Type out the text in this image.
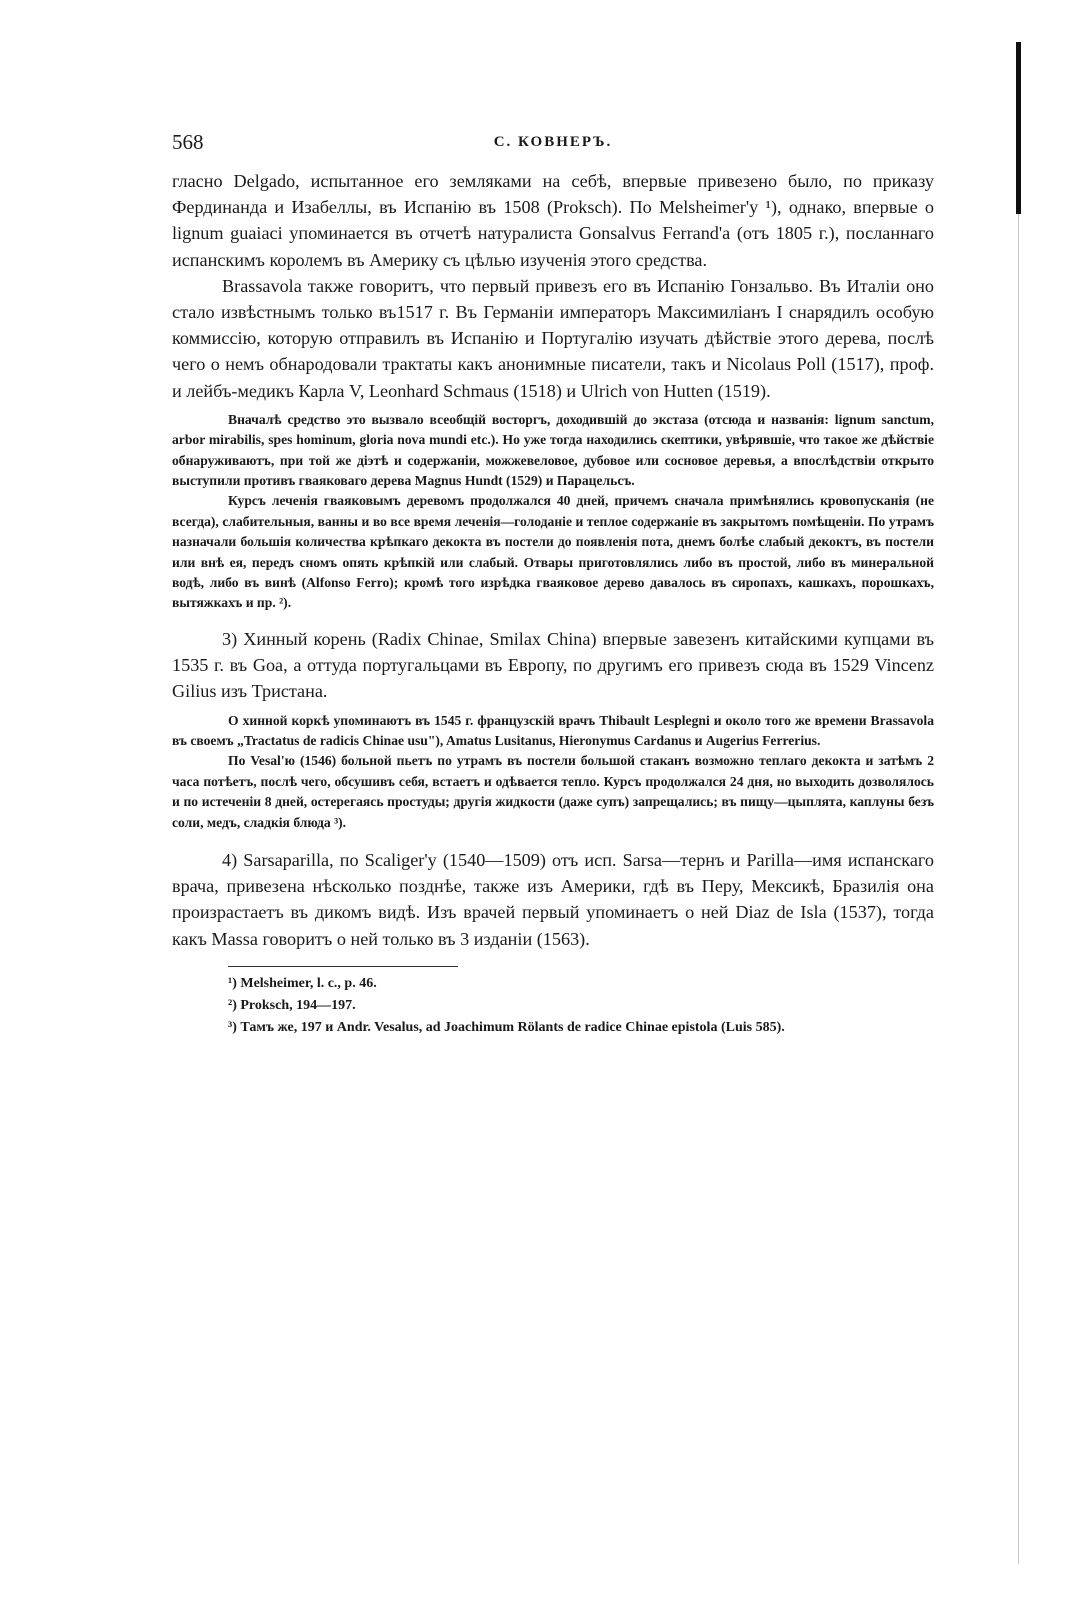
568	С. КОВНЕРЪ.

гласно Delgado, испытанное его земляками на себѣ, впервые привезено было, по приказу Фердинанда и Изабеллы, въ Испанію въ 1508 (Proksch). По Melsheimer'у ¹), однако, впервые о lignum guaiaci упоминается въ отчетѣ натуралиста Gonsalvus Ferrand'a (отъ 1805 г.), посланнаго испанскимъ королемъ въ Америку съ цѣлью изученія этого средства.

Brassavola также говоритъ, что первый привезъ его въ Испанію Гонзальво. Въ Италіи оно стало извѣстнымъ только въ1517 г. Въ Германіи императоръ Максимиліанъ I снарядилъ особую коммиссію, которую отправилъ въ Испанію и Португалію изучать дѣйствіе этого дерева, послѣ чего о немъ обнародовали трактаты какъ анонимные писатели, такъ и Nicolaus Poll (1517), проф. и лейбъ-медикъ Карла V, Leonhard Schmaus (1518) и Ulrich von Hutten (1519).

Вначалѣ средство это вызвало всеобщій восторгъ, доходившій до экстаза (отсюда и названія: lignum sanctum, arbor mirabilis, spes hominum, gloria nova mundi etc.). Но уже тогда находились скептики, увѣрявшіе, что такое же дѣйствіе обнаруживаютъ, при той же діэтѣ и содержаніи, можжевеловое, дубовое или сосновое деревья, а впослѣдствіи открыто выступили противъ гваяковаго дерева Magnus Hundt (1529) и Парацельсъ.

Курсъ леченія гваяковымъ деревомъ продолжался 40 дней, причемъ сначала примѣнялись кровопусканія (не всегда), слабительныя, ванны и во все время леченія—голоданіе и теплое содержаніе въ закрытомъ помѣщеніи. По утрамъ назначали большія количества крѣпкаго декокта въ постели до появленія пота, днемъ болѣе слабый декоктъ, въ постели или внѣ ея, передъ сномъ опять крѣпкій или слабый. Отвары приготовлялись либо въ простой, либо въ минеральной водѣ, либо въ винѣ (Alfonso Ferro); кромѣ того изрѣдка гваяковое дерево давалось въ сиропахъ, кашкахъ, порошкахъ, вытяжкахъ и пр. ²).

3) Хинный корень (Radix Chinae, Smilax China) впервые завезенъ китайскими купцами въ 1535 г. въ Goa, а оттуда португальцами въ Европу, по другимъ его привезъ сюда въ 1529 Vincenz Gilius изъ Тристана.

О хинной коркѣ упоминаютъ въ 1545 г. французскій врачъ Thibault Lesplegni и около того же времени Brassavola въ своемъ „Tractatus de radicis Chinae usu"), Amatus Lusitanus, Hieronymus Cardanus и Augerius Ferrerius.

По Vesal'ю (1546) больной пьетъ по утрамъ въ постели большой стаканъ возможно теплаго декокта и затѣмъ 2 часа потѣетъ, послѣ чего, обсушивъ себя, встаетъ и одѣвается тепло. Курсъ продолжался 24 дня, но выходить дозволялось и по истеченіи 8 дней, остерегаясь простуды; другія жидкости (даже супъ) запрещались; въ пищу—цыплята, каплуны безъ соли, медъ, сладкія блюда ³).

4) Sarsaparilla, по Scaliger'у (1540—1509) отъ исп. Sarsa—тернъ и Parilla—имя испанскаго врача, привезена нѣсколько позднѣе, также изъ Америки, гдѣ въ Перу, Мексикѣ, Бразилія она произрастаетъ въ дикомъ видѣ. Изъ врачей первый упоминаетъ о ней Diaz de Isla (1537), тогда какъ Massa говоритъ о ней только въ 3 изданіи (1563).

¹) Melsheimer, l. c., p. 46.

²) Proksch, 194—197.

³) Тамъ же, 197 и Andr. Vesalus, ad Joachimum Rölants de radice Chinae epistola (Luis 585).
